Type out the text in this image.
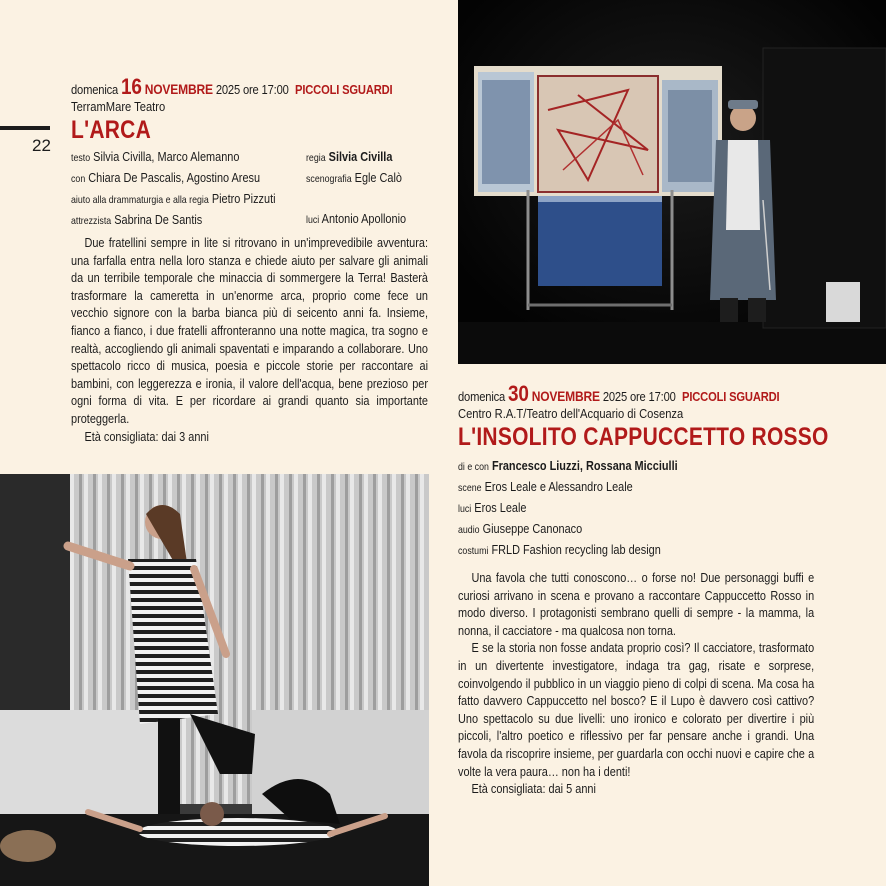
22
domenica 16 NOVEMBRE 2025 ore 17:00 PICCOLI SGUARDI
TerramMare Teatro
L'ARCA
testo Silvia Civilla, Marco Alemanno
con Chiara De Pascalis, Agostino Aresu
aiuto alla drammaturgia e alla regia Pietro Pizzuti
attrezzista Sabrina De Santis
regia Silvia Civilla
scenografia Egle Calò
luci Antonio Apollonio

Due fratellini sempre in lite si ritrovano in un'imprevedibile avventura: una farfalla entra nella loro stanza e chiede aiuto per salvare gli animali da un terribile temporale che minaccia di sommergere la Terra! Basterà trasformare la cameretta in un'enorme arca, proprio come fece un vecchio signore con la barba bianca più di seicento anni fa. Insieme, fianco a fianco, i due fratelli affronteranno una notte magica, tra sogno e realtà, accogliendo gli animali spaventati e imparando a collaborare. Uno spettacolo ricco di musica, poesia e piccole storie per raccontare ai bambini, con leggerezza e ironia, il valore dell'acqua, bene prezioso per ogni forma di vita. E per ricordare ai grandi quanto sia importante proteggerla.

Età consigliata: dai 3 anni
domenica 30 NOVEMBRE 2025 ore 17:00 PICCOLI SGUARDI
Centro R.A.T/Teatro dell'Acquario di Cosenza
L'INSOLITO CAPPUCCETTO ROSSO
di e con Francesco Liuzzi, Rossana Micciulli
scene Eros Leale e Alessandro Leale
luci Eros Leale
audio Giuseppe Canonaco
costumi FRLD Fashion recycling lab design

Una favola che tutti conoscono… o forse no! Due personaggi buffi e curiosi arrivano in scena e provano a raccontare Cappuccetto Rosso in modo diverso. I protagonisti sembrano quelli di sempre - la mamma, la nonna, il cacciatore - ma qualcosa non torna.

E se la storia non fosse andata proprio così? Il cacciatore, trasformato in un divertente investigatore, indaga tra gag, risate e sorprese, coinvolgendo il pubblico in un viaggio pieno di colpi di scena. Ma cosa ha fatto davvero Cappuccetto nel bosco? E il Lupo è davvero così cattivo? Uno spettacolo su due livelli: uno ironico e colorato per divertire i più piccoli, l'altro poetico e riflessivo per far pensare anche i grandi. Una favola da riscoprire insieme, per guardarla con occhi nuovi e capire che a volte la vera paura… non ha i denti!

Età consigliata: dai 5 anni
